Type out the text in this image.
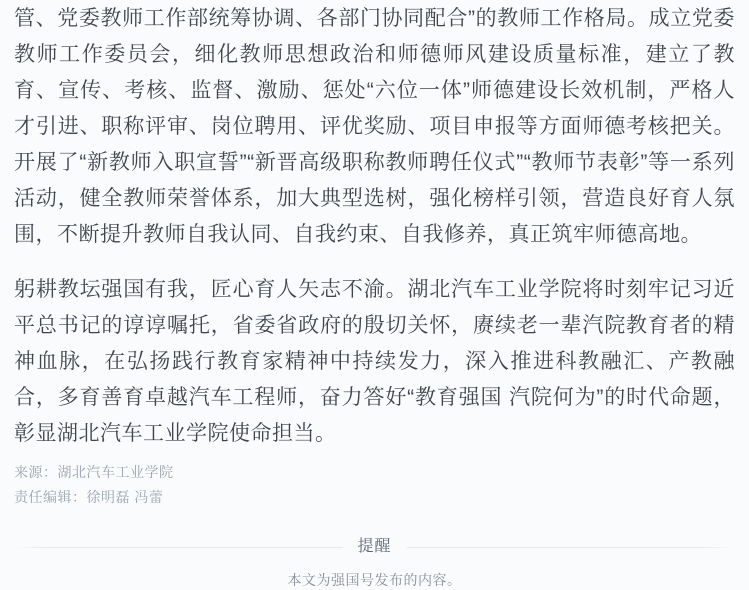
管、党委教师工作部统筹协调、各部门协同配合”的教师工作格局。成立党委教师工作委员会，细化教师思想政治和师德师风建设质量标准，建立了教育、宣传、考核、监督、激励、惩处“六位一体”师德建设长效机制，严格人才引进、职称评审、岗位聘用、评优奖励、项目申报等方面师德考核把关。开展了“新教师入职宣誓”“新晋高级职称教师聘任仪式”“教师节表彰”等一系列活动，健全教师荣誉体系，加大典型选树，强化榜样引领，营造良好育人氛围，不断提升教师自我认同、自我约束、自我修养，真正筑牢师德高地。

躬耕教坛强国有我，匠心育人矢志不渝。湖北汽车工业学院将时刻牢记习近平总书记的谆谆嘱托，省委省政府的殷切关怀，赓续老一辈汽院教育者的精神血脉，在弘扬践行教育家精神中持续发力，深入推进科教融汇、产教融合，多育善育卓越汽车工程师，奋力答好“教育强国 汽院何为”的时代命题，彰显湖北汽车工业学院使命担当。

来源：湖北汽车工业学院
责任编辑：徐明磊 冯蕾
提醒
本文为强国号发布的内容。
